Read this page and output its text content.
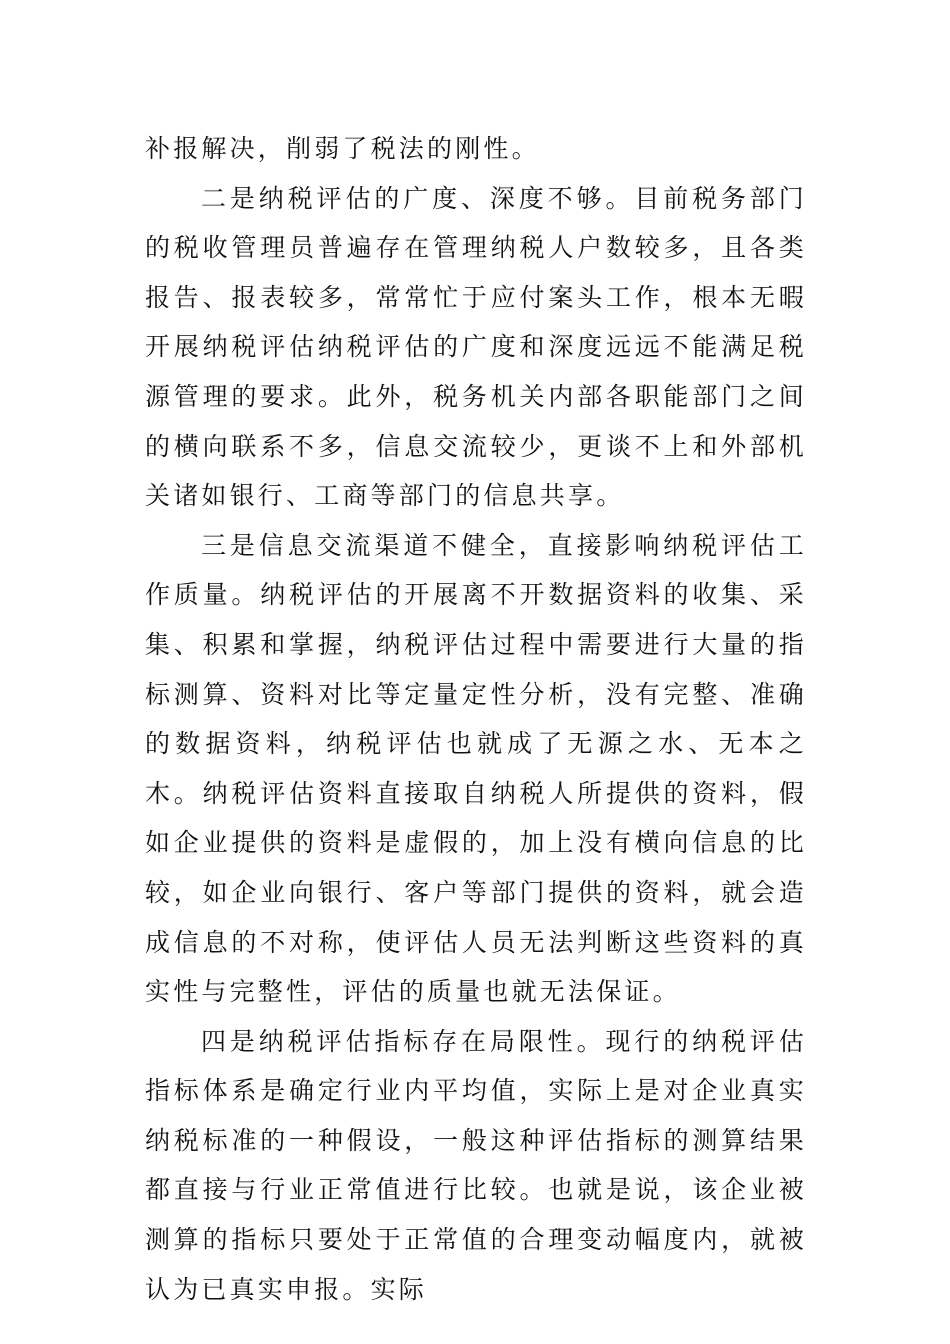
补报解决，削弱了税法的刚性。

二是纳税评估的广度、深度不够。目前税务部门的税收管理员普遍存在管理纳税人户数较多，且各类报告、报表较多，常常忙于应付案头工作，根本无暇开展纳税评估纳税评估的广度和深度远远不能满足税源管理的要求。此外，税务机关内部各职能部门之间的横向联系不多，信息交流较少，更谈不上和外部机关诸如银行、工商等部门的信息共享。

三是信息交流渠道不健全，直接影响纳税评估工作质量。纳税评估的开展离不开数据资料的收集、采集、积累和掌握，纳税评估过程中需要进行大量的指标测算、资料对比等定量定性分析，没有完整、准确的数据资料，纳税评估也就成了无源之水、无本之木。纳税评估资料直接取自纳税人所提供的资料，假如企业提供的资料是虚假的，加上没有横向信息的比较，如企业向银行、客户等部门提供的资料，就会造成信息的不对称，使评估人员无法判断这些资料的真实性与完整性，评估的质量也就无法保证。

四是纳税评估指标存在局限性。现行的纳税评估指标体系是确定行业内平均值，实际上是对企业真实纳税标准的一种假设，一般这种评估指标的测算结果都直接与行业正常值进行比较。也就是说，该企业被测算的指标只要处于正常值的合理变动幅度内，就被认为已真实申报。实际
